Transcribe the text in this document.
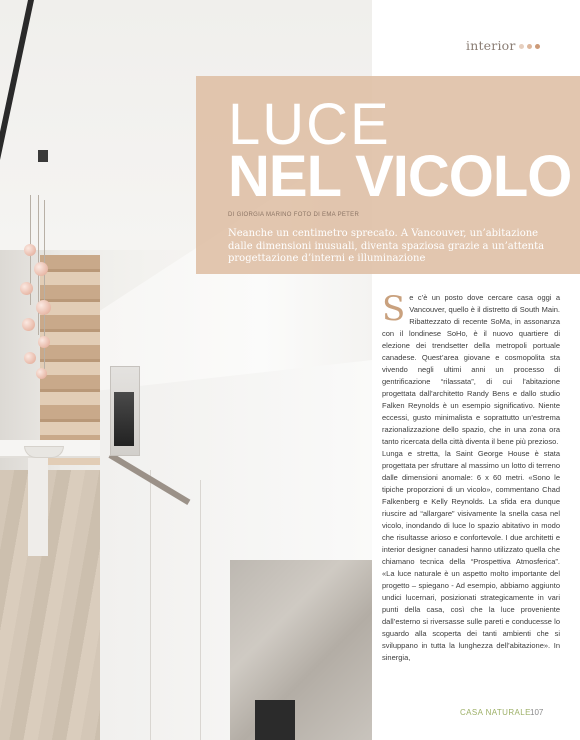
interior
LUCE
NEL VICOLO
DI GIORGIA MARINO FOTO DI EMA PETER
Neanche un centimetro sprecato. A Vancouver, un’abitazione dalle dimensioni inusuali, diventa spaziosa grazie a un’attenta progettazione d’interni e illuminazione

Se c’è un posto dove cercare casa oggi a Vancouver, quello è il distretto di South Main. Ribattezzato di recente SoMa, in assonanza con il londinese SoHo, è il nuovo quartiere di elezione dei trendsetter della metropoli portuale canadese. Quest’area giovane e cosmopolita sta vivendo negli ultimi anni un processo di gentrificazione “rilassata”, di cui l’abitazione progettata dall’architetto Randy Bens e dallo studio Falken Reynolds è un esempio significativo. Niente eccessi, gusto minimalista e soprattutto un’estrema razionalizzazione dello spazio, che in una zona ora tanto ricercata della città diventa il bene più prezioso.

Lunga e stretta, la Saint George House è stata progettata per sfruttare al massimo un lotto di terreno dalle dimensioni anomale: 6 x 60 metri. «Sono le tipiche proporzioni di un vicolo», commentano Chad Falkenberg e Kelly Reynolds. La sfida era dunque riuscire ad “allargare” visivamente la snella casa nel vicolo, inondando di luce lo spazio abitativo in modo che risultasse arioso e confortevole. I due architetti e interior designer canadesi hanno utilizzato quella che chiamano tecnica della “Prospettiva Atmosferica”. «La luce naturale è un aspetto molto importante del progetto – spiegano - Ad esempio, abbiamo aggiunto undici lucernari, posizionati strategicamente in vari punti della casa, così che la luce proveniente dall’esterno si riversasse sulle pareti e conducesse lo sguardo alla scoperta dei tanti ambienti che si sviluppano in tutta la lunghezza dell’abitazione». In sinergia,

CASA NATURALE 107
